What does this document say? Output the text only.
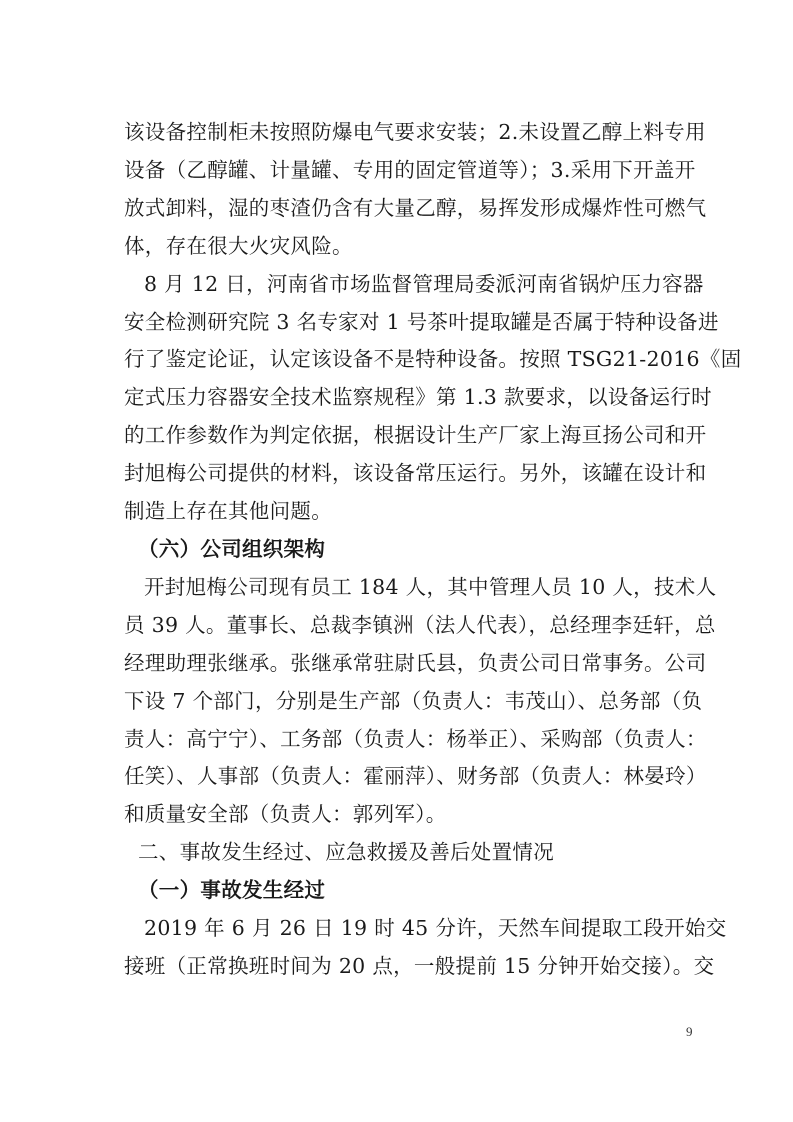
该设备控制柜未按照防爆电气要求安装；2.未设置乙醇上料专用
设备（乙醇罐、计量罐、专用的固定管道等）；3.采用下开盖开
放式卸料，湿的枣渣仍含有大量乙醇，易挥发形成爆炸性可燃气
体，存在很大火灾风险。
8 月 12 日，河南省市场监督管理局委派河南省锅炉压力容器
安全检测研究院 3 名专家对 1 号茶叶提取罐是否属于特种设备进
行了鉴定论证，认定该设备不是特种设备。按照 TSG21-2016《固
定式压力容器安全技术监察规程》第 1.3 款要求，以设备运行时
的工作参数作为判定依据，根据设计生产厂家上海亘扬公司和开
封旭梅公司提供的材料，该设备常压运行。另外，该罐在设计和
制造上存在其他问题。
（六）公司组织架构
开封旭梅公司现有员工 184 人，其中管理人员 10 人，技术人
员 39 人。董事长、总裁李镇洲（法人代表），总经理李廷轩，总
经理助理张继承。张继承常驻尉氏县，负责公司日常事务。公司
下设 7 个部门，分别是生产部（负责人：韦茂山）、总务部（负
责人：高宁宁）、工务部（负责人：杨举正）、采购部（负责人：
任笑）、人事部（负责人：霍丽萍）、财务部（负责人：林晏玲）
和质量安全部（负责人：郭列军）。
二、事故发生经过、应急救援及善后处置情况
（一）事故发生经过
2019 年 6 月 26 日 19 时 45 分许，天然车间提取工段开始交
接班（正常换班时间为 20 点，一般提前 15 分钟开始交接）。交
9
